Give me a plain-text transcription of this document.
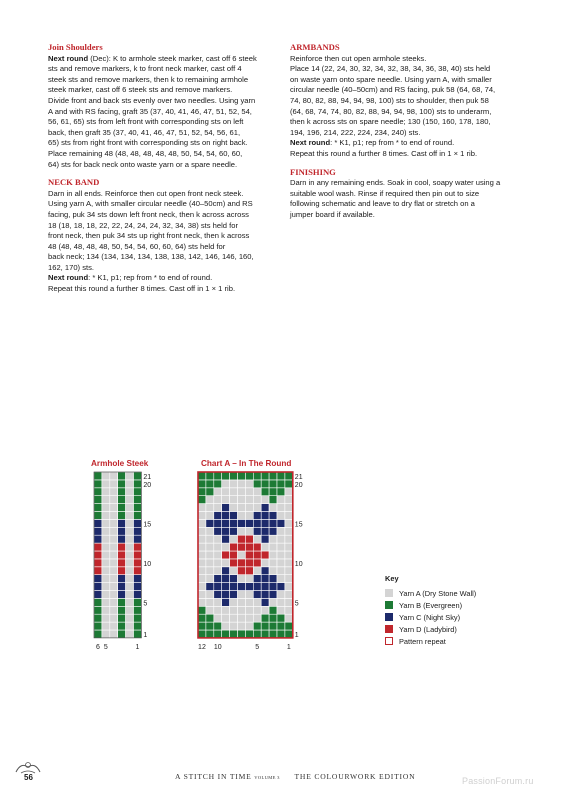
Join Shoulders
Next round (Dec): K to armhole steek marker, cast off 6 steek
sts and remove markers, k to front neck marker, cast off 4
steek sts and remove markers, then k to remaining armhole
steek marker, cast off 6 steek sts and remove markers.
Divide front and back sts evenly over two needles. Using yarn
A and with RS facing, graft 35 (37, 40, 41, 46, 47, 51, 52, 54,
56, 61, 65) sts from left front with corresponding sts on left
back, then graft 35 (37, 40, 41, 46, 47, 51, 52, 54, 56, 61,
65) sts from right front with corresponding sts on right back.
Place remaining 48 (48, 48, 48, 48, 48, 50, 54, 54, 60, 60,
64) sts for back neck onto waste yarn or a spare needle.
NECK BAND
Darn in all ends. Reinforce then cut open front neck steek.
Using yarn A, with smaller circular needle (40–50cm) and RS
facing, puk 34 sts down left front neck, then k across across
18 (18, 18, 18, 22, 22, 24, 24, 24, 32, 34, 38) sts held for
front neck, then puk 34 sts up right front neck, then k across
48 (48, 48, 48, 48, 50, 54, 54, 60, 60, 64) sts held for
back neck; 134 (134, 134, 134, 138, 138, 142, 146, 146, 160,
162, 170) sts.
Next round: * K1, p1; rep from * to end of round.
Repeat this round a further 8 times. Cast off in 1 × 1 rib.
ARMBANDS
Reinforce then cut open armhole steeks.
Place 14 (22, 24, 30, 32, 34, 32, 38, 34, 36, 38, 40) sts held
on waste yarn onto spare needle. Using yarn A, with smaller
circular needle (40–50cm) and RS facing, puk 58 (64, 68, 74,
74, 80, 82, 88, 94, 94, 98, 100) sts to shoulder, then puk 58
(64, 68, 74, 74, 80, 82, 88, 94, 94, 98, 100) sts to underarm,
then k across sts on spare needle; 130 (150, 160, 178, 180,
194, 196, 214, 222, 224, 234, 240) sts.
Next round: * K1, p1; rep from * to end of round.
Repeat this round a further 8 times. Cast off in 1 × 1 rib.
FINISHING
Darn in any remaining ends. Soak in cool, soapy water using a
suitable wool wash. Rinse if required then pin out to size
following schematic and leave to dry flat or stretch on a
jumper board if available.
Armhole Steek
21
20
15
10
5
1
6 5	1
Chart A – In The Round
21
20
15
10
5
1
12 10	5	1
Key
Yarn A (Dry Stone Wall)
Yarn B (Evergreen)
Yarn C (Night Sky)
Yarn D (Ladybird)
Pattern repeat
56	A STITCH IN TIME VOLUME 3 THE COLOURWORK EDITION	PassionForum.ru
